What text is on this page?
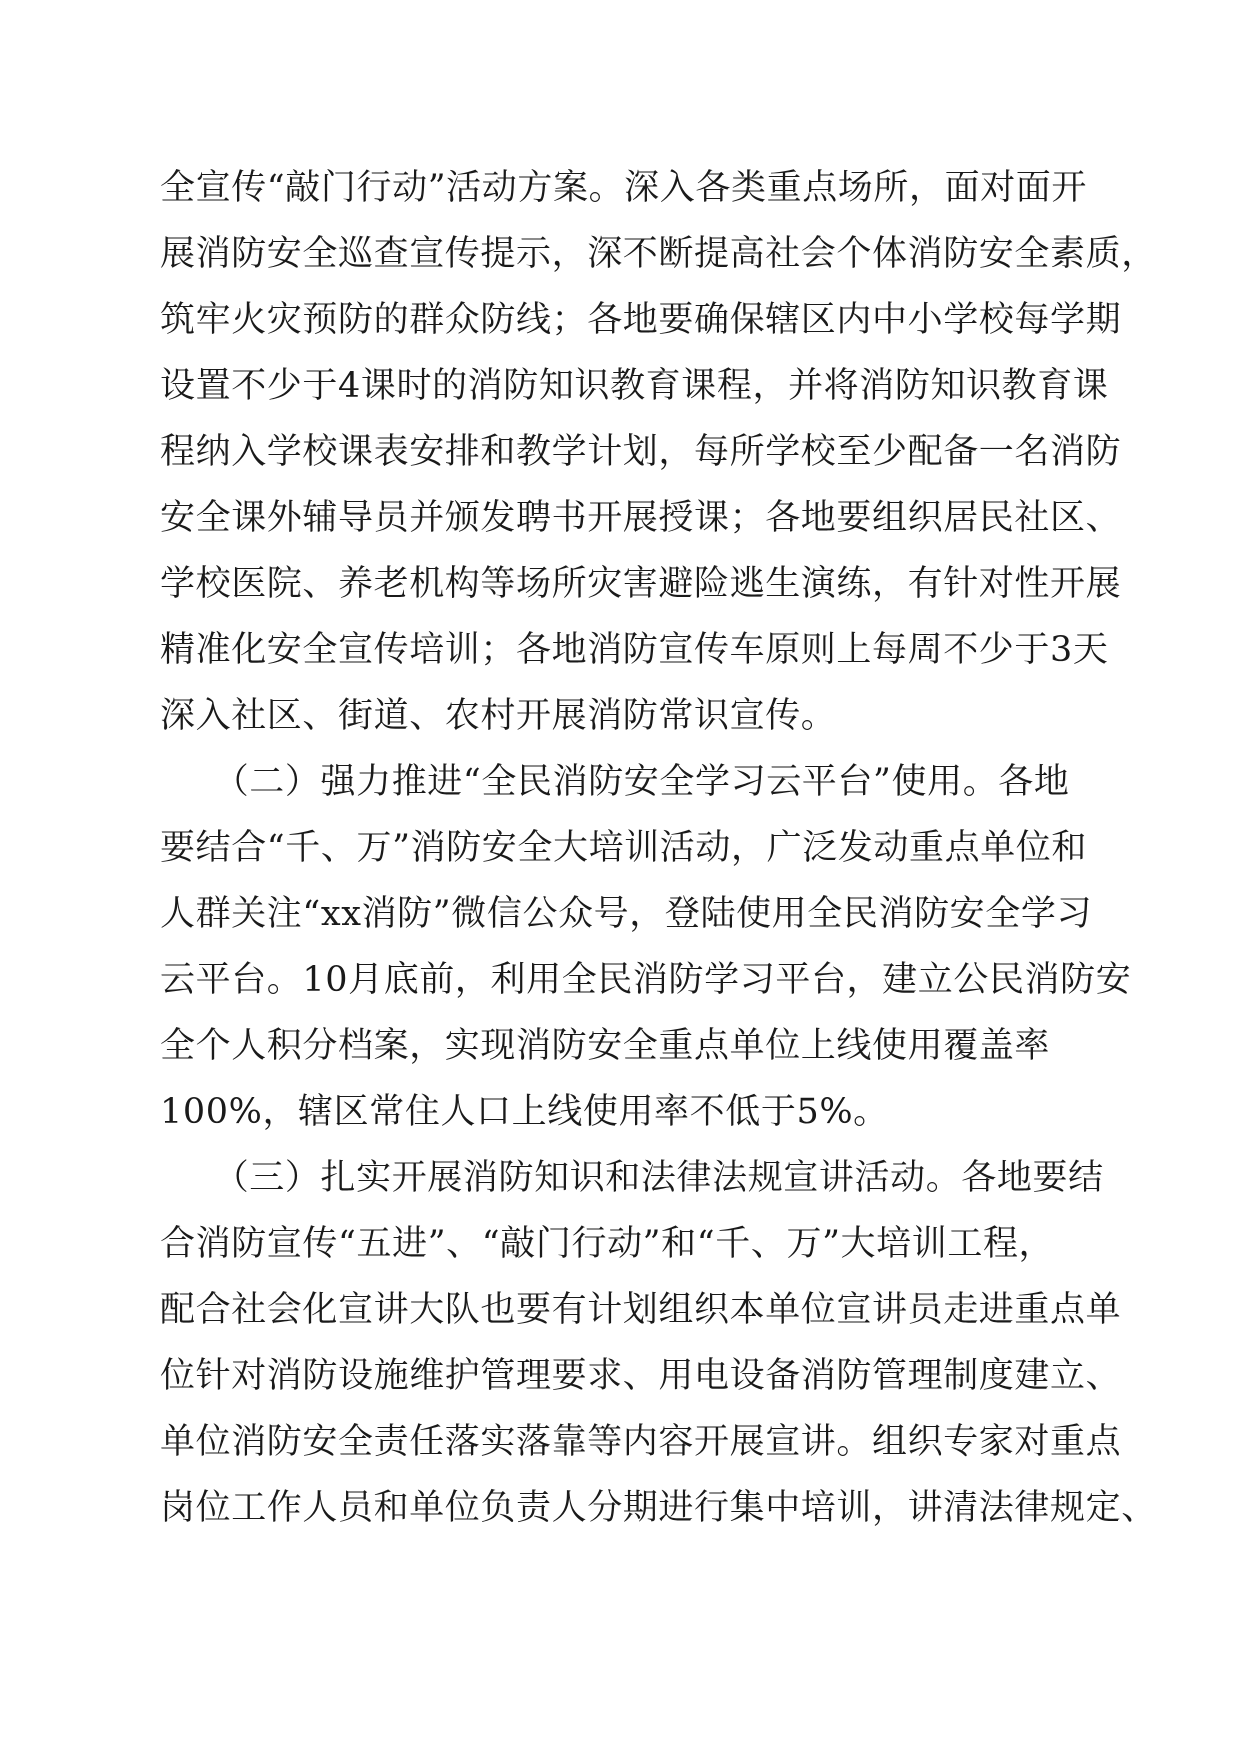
全宣传“敲门行动”活动方案。深入各类重点场所，面对面开
展消防安全巡查宣传提示，深不断提高社会个体消防安全素质，
筑牢火灾预防的群众防线；各地要确保辖区内中小学校每学期
设置不少于4课时的消防知识教育课程，并将消防知识教育课
程纳入学校课表安排和教学计划，每所学校至少配备一名消防
安全课外辅导员并颁发聘书开展授课；各地要组织居民社区、
学校医院、养老机构等场所灾害避险逃生演练，有针对性开展
精准化安全宣传培训；各地消防宣传车原则上每周不少于3天
深入社区、街道、农村开展消防常识宣传。
　　（二）强力推进“全民消防安全学习云平台”使用。各地
要结合“千、万”消防安全大培训活动，广泛发动重点单位和
人群关注“xx消防”微信公众号，登陆使用全民消防安全学习
云平台。10月底前，利用全民消防学习平台，建立公民消防安
全个人积分档案，实现消防安全重点单位上线使用覆盖率
100%，辖区常住人口上线使用率不低于5%。
　　（三）扎实开展消防知识和法律法规宣讲活动。各地要结
合消防宣传“五进”、“敲门行动”和“千、万”大培训工程，
配合社会化宣讲大队也要有计划组织本单位宣讲员走进重点单
位针对消防设施维护管理要求、用电设备消防管理制度建立、
单位消防安全责任落实落靠等内容开展宣讲。组织专家对重点
岗位工作人员和单位负责人分期进行集中培训，讲清法律规定、
